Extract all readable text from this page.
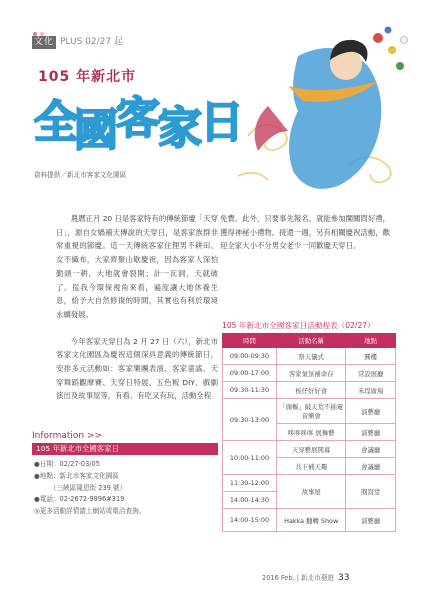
文化 PLUS 02/27 起
105 年新北市
全
國
客
家
日
資料提供／新北市客家文化園區

農曆正月 20 日是客家特有的傳統節慶「天穿日」，源自女媧補天傳說的天穿日，是客家族群非常重視的節慶。這一天傳統客家住俚男不耕田、女不織布，大家齊聚山歇慶祝，因為客家人深怕勤頭一耕，大地就會裂開；計一瓦洞，天就破了。從我今環保視角來看，遍度讓大地休養生息，給予大自然修復的時間，其實也有利於環境永續發展。

今年客家天穿日為 2 月 27 日（六），新北市客家文化園區為慶祝這個深具意義的傳統節日，安排多元活動如：客家樂團表演、客家童謠、天穿舞蹈觀摩賽、天穿日特展、五色粄 DIY、戲劇演出及故事屋等，有看、有吃又有玩，活動全程

免費。此外，只要事先報名，就能參加闖關問好禮，獲得神秘小禮物。接還一週，另有相關慶祝活動，歡迎全家大小不分男女老少一同歡慶天穿日。

Information >>
105 年新北市全國客家日
●日期：02/27-03/05
●地點：新北市客家文化園區
（三峽區隆恩街 239 號）
●電話：02-2672-9996#319
◎更多活動詳情請上網站或電洽查詢。
105 年新北市全國客家日活動程表（02/27）
時間	活動名稱	地點
09:00-09:30	祭天儀式	圓樓
09:00-17:00	客家氣氛補命存	常設展廳
09:30-11:30	板仔好好食	禾埕廣場
09:30-13:00	「頭樞」破天荒不插電音樂會	演藝廳
	哆哆哆哆 展舞藝	演藝廳
10:00-11:00	天穿藝展開幕	會議廳
	共下補天趣	會議廳
11:30-12:00	故事屋	閱寫堂
14:00-14:30		
14:00-15:00	Hakka 翻轉 Show	演藝廳
2016 Feb. | 新北市藝遊 33
